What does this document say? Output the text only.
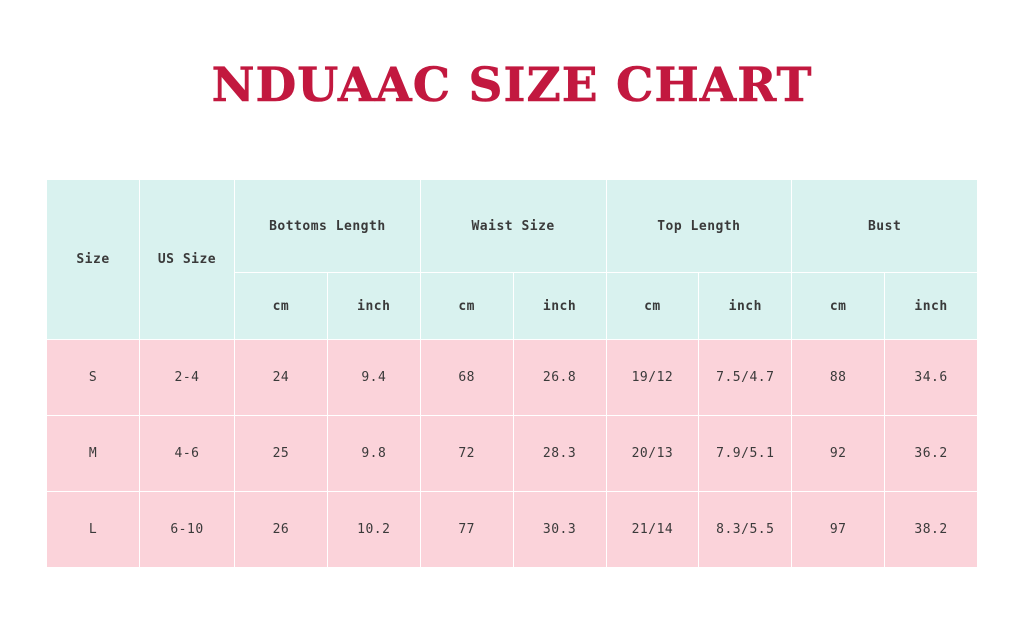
NDUAAC SIZE CHART
Size	US Size	Bottoms Length		Waist Size		Top Length		Bust	
		cm	inch	cm	inch	cm	inch	cm	inch
S	2-4	24	9.4	68	26.8	19/12	7.5/4.7	88	34.6
M	4-6	25	9.8	72	28.3	20/13	7.9/5.1	92	36.2
L	6-10	26	10.2	77	30.3	21/14	8.3/5.5	97	38.2
